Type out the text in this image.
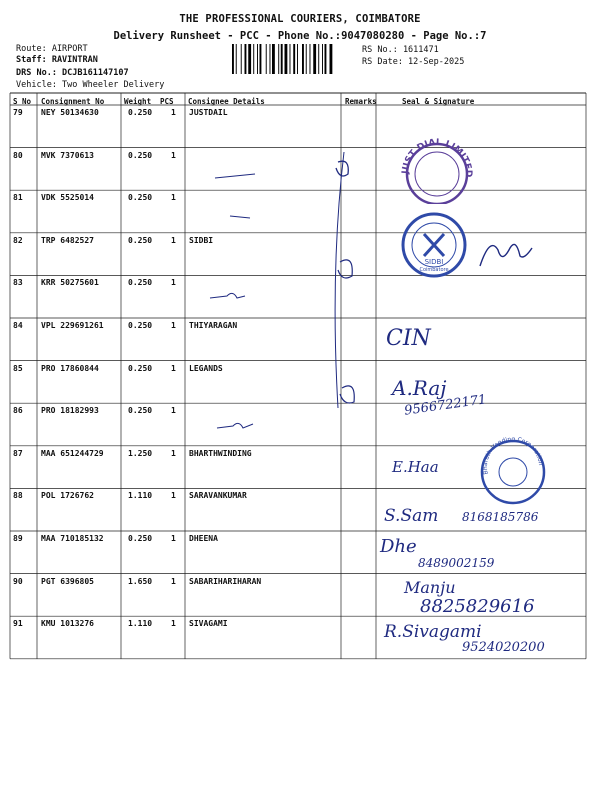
THE PROFESSIONAL COURIERS, COIMBATORE
Delivery Runsheet - PCC - Phone No.:9047080280 - Page No.:7
Route: AIRPORT
Staff: RAVINTRAN
DRS No.: DCJB161147107
Vehicle: Two Wheeler Delivery
RS No.: 1611471
RS Date: 12-Sep-2025
S No Consignment No	Weight PCS Consignee Details	Remarks	Seal & Signature
79 NEY 50134630	0.250 1 JUSTDAIL
80 MVK 7370613	0.250 1
81 VDK 5525014	0.250 1
82 TRP 6482527	0.250 1 SIDBI
83 KRR 50275601	0.250 1
84 VPL 229691261	0.250 1 THIYARAGAN
85 PRO 17860844	0.250 1 LEGANDS
86 PRO 18182993	0.250 1
87 MAA 651244729	1.250 1 BHARTHWINDING
88 POL 1726762	1.110 1 SARAVANKUMAR
89 MAA 710185132	0.250 1 DHEENA
90 PGT 6396805	1.650 1 SABARIHARIHARAN
91 KMU 1013276	1.110 1 SIVAGAMI
JUST DIAL LIMITED
SIDBI
Coimbatore
Bharath Vending Corporation
CIN
A.Raj
9566722171
E.Haa
S.Sam 8168185786
Dhe
8489002159
Manju
8825829616
R.Sivagami
9524020200
